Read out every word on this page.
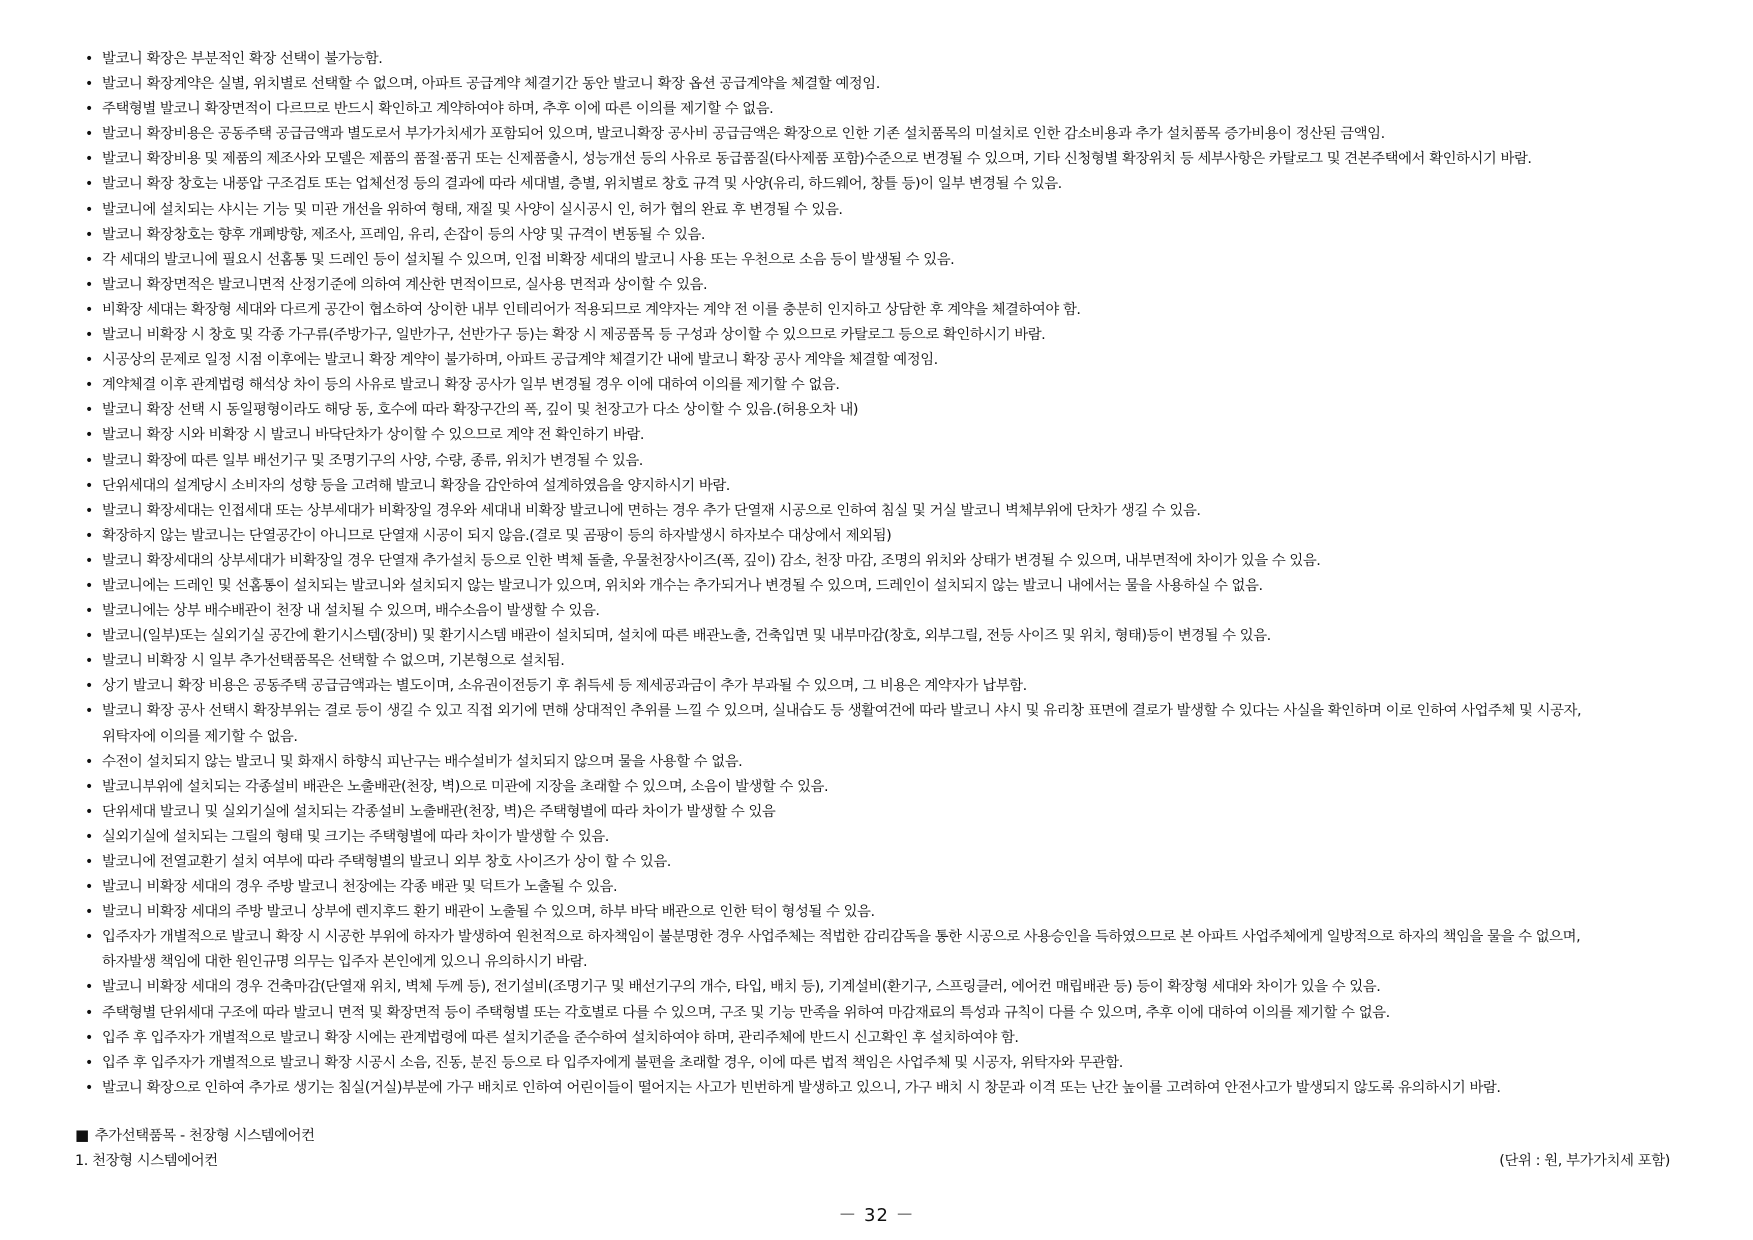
• 발코니 확장은 부분적인 확장 선택이 불가능함.
• 발코니 확장계약은 실별, 위치별로 선택할 수 없으며, 아파트 공급계약 체결기간 동안 발코니 확장 옵션 공급계약을 체결할 예정임.
• 주택형별 발코니 확장면적이 다르므로 반드시 확인하고 계약하여야 하며, 추후 이에 따른 이의를 제기할 수 없음.
• 발코니 확장비용은 공동주택 공급금액과 별도로서 부가가치세가 포함되어 있으며, 발코니확장 공사비 공급금액은 확장으로 인한 기존 설치품목의 미설치로 인한 감소비용과 추가 설치품목 증가비용이 정산된 금액임.
• 발코니 확장비용 및 제품의 제조사와 모델은 제품의 품절·품귀 또는 신제품출시, 성능개선 등의 사유로 동급품질(타사제품 포함)수준으로 변경될 수 있으며, 기타 신청형별 확장위치 등 세부사항은 카탈로그 및 견본주택에서 확인하시기 바람.
• 발코니 확장 창호는 내풍압 구조검토 또는 업체선정 등의 결과에 따라 세대별, 층별, 위치별로 창호 규격 및 사양(유리, 하드웨어, 창틀 등)이 일부 변경될 수 있음.
• 발코니에 설치되는 샤시는 기능 및 미관 개선을 위하여 형태, 재질 및 사양이 실시공시 인, 허가 협의 완료 후 변경될 수 있음.
• 발코니 확장창호는 향후 개폐방향, 제조사, 프레임, 유리, 손잡이 등의 사양 및 규격이 변동될 수 있음.
• 각 세대의 발코니에 필요시 선홈통 및 드레인 등이 설치될 수 있으며, 인접 비확장 세대의 발코니 사용 또는 우천으로 소음 등이 발생될 수 있음.
• 발코니 확장면적은 발코니면적 산정기준에 의하여 계산한 면적이므로, 실사용 면적과 상이할 수 있음.
• 비확장 세대는 확장형 세대와 다르게 공간이 협소하여 상이한 내부 인테리어가 적용되므로 계약자는 계약 전 이를 충분히 인지하고 상담한 후 계약을 체결하여야 함.
• 발코니 비확장 시 창호 및 각종 가구류(주방가구, 일반가구, 선반가구 등)는 확장 시 제공품목 등 구성과 상이할 수 있으므로 카탈로그 등으로 확인하시기 바람.
• 시공상의 문제로 일정 시점 이후에는 발코니 확장 계약이 불가하며, 아파트 공급계약 체결기간 내에 발코니 확장 공사 계약을 체결할 예정임.
• 계약체결 이후 관계법령 해석상 차이 등의 사유로 발코니 확장 공사가 일부 변경될 경우 이에 대하여 이의를 제기할 수 없음.
• 발코니 확장 선택 시 동일평형이라도 해당 동, 호수에 따라 확장구간의 폭, 깊이 및 천장고가 다소 상이할 수 있음.(허용오차 내)
• 발코니 확장 시와 비확장 시 발코니 바닥단차가 상이할 수 있으므로 계약 전 확인하기 바람.
• 발코니 확장에 따른 일부 배선기구 및 조명기구의 사양, 수량, 종류, 위치가 변경될 수 있음.
• 단위세대의 설계당시 소비자의 성향 등을 고려해 발코니 확장을 감안하여 설계하였음을 양지하시기 바람.
• 발코니 확장세대는 인접세대 또는 상부세대가 비확장일 경우와 세대내 비확장 발코니에 면하는 경우 추가 단열재 시공으로 인하여 침실 및 거실 발코니 벽체부위에 단차가 생길 수 있음.
• 확장하지 않는 발코니는 단열공간이 아니므로 단열재 시공이 되지 않음.(결로 및 곰팡이 등의 하자발생시 하자보수 대상에서 제외됨)
• 발코니 확장세대의 상부세대가 비확장일 경우 단열재 추가설치 등으로 인한 벽체 돌출, 우물천장사이즈(폭, 깊이) 감소, 천장 마감, 조명의 위치와 상태가 변경될 수 있으며, 내부면적에 차이가 있을 수 있음.
• 발코니에는 드레인 및 선홈통이 설치되는 발코니와 설치되지 않는 발코니가 있으며, 위치와 개수는 추가되거나 변경될 수 있으며, 드레인이 설치되지 않는 발코니 내에서는 물을 사용하실 수 없음.
• 발코니에는 상부 배수배관이 천장 내 설치될 수 있으며, 배수소음이 발생할 수 있음.
• 발코니(일부)또는 실외기실 공간에 환기시스템(장비) 및 환기시스템 배관이 설치되며, 설치에 따른 배관노출, 건축입면 및 내부마감(창호, 외부그릴, 전등 사이즈 및 위치, 형태)등이 변경될 수 있음.
• 발코니 비확장 시 일부 추가선택품목은 선택할 수 없으며, 기본형으로 설치됨.
• 상기 발코니 확장 비용은 공동주택 공급금액과는 별도이며, 소유권이전등기 후 취득세 등 제세공과금이 추가 부과될 수 있으며, 그 비용은 계약자가 납부함.
• 발코니 확장 공사 선택시 확장부위는 결로 등이 생길 수 있고 직접 외기에 면해 상대적인 추위를 느낄 수 있으며, 실내습도 등 생활여건에 따라 발코니 샤시 및 유리창 표면에 결로가 발생할 수 있다는 사실을 확인하며 이로 인하여 사업주체 및 시공자,
위탁자에 이의를 제기할 수 없음.
• 수전이 설치되지 않는 발코니 및 화재시 하향식 피난구는 배수설비가 설치되지 않으며 물을 사용할 수 없음.
• 발코니부위에 설치되는 각종설비 배관은 노출배관(천장, 벽)으로 미관에 지장을 초래할 수 있으며, 소음이 발생할 수 있음.
• 단위세대 발코니 및 실외기실에 설치되는 각종설비 노출배관(천장, 벽)은 주택형별에 따라 차이가 발생할 수 있음
• 실외기실에 설치되는 그릴의 형태 및 크기는 주택형별에 따라 차이가 발생할 수 있음.
• 발코니에 전열교환기 설치 여부에 따라 주택형별의 발코니 외부 창호 사이즈가 상이 할 수 있음.
• 발코니 비확장 세대의 경우 주방 발코니 천장에는 각종 배관 및 덕트가 노출될 수 있음.
• 발코니 비확장 세대의 주방 발코니 상부에 렌지후드 환기 배관이 노출될 수 있으며, 하부 바닥 배관으로 인한 턱이 형성될 수 있음.
• 입주자가 개별적으로 발코니 확장 시 시공한 부위에 하자가 발생하여 원천적으로 하자책임이 불분명한 경우 사업주체는 적법한 감리감독을 통한 시공으로 사용승인을 득하였으므로 본 아파트 사업주체에게 일방적으로 하자의 책임을 물을 수 없으며,
하자발생 책임에 대한 원인규명 의무는 입주자 본인에게 있으니 유의하시기 바람.
• 발코니 비확장 세대의 경우 건축마감(단열재 위치, 벽체 두께 등), 전기설비(조명기구 및 배선기구의 개수, 타입, 배치 등), 기계설비(환기구, 스프링클러, 에어컨 매립배관 등) 등이 확장형 세대와 차이가 있을 수 있음.
• 주택형별 단위세대 구조에 따라 발코니 면적 및 확장면적 등이 주택형별 또는 각호별로 다를 수 있으며, 구조 및 기능 만족을 위하여 마감재료의 특성과 규칙이 다를 수 있으며, 추후 이에 대하여 이의를 제기할 수 없음.
• 입주 후 입주자가 개별적으로 발코니 확장 시에는 관계법령에 따른 설치기준을 준수하여 설치하여야 하며, 관리주체에 반드시 신고확인 후 설치하여야 함.
• 입주 후 입주자가 개별적으로 발코니 확장 시공시 소음, 진동, 분진 등으로 타 입주자에게 불편을 초래할 경우, 이에 따른 법적 책임은 사업주체 및 시공자, 위탁자와 무관함.
• 발코니 확장으로 인하여 추가로 생기는 침실(거실)부분에 가구 배치로 인하여 어린이들이 떨어지는 사고가 빈번하게 발생하고 있으니, 가구 배치 시 창문과 이격 또는 난간 높이를 고려하여 안전사고가 발생되지 않도록 유의하시기 바람.
■ 추가선택품목 - 천장형 시스템에어컨
1. 천장형 시스템에어컨	(단위 : 원, 부가가치세 포함)
－ 32 －
